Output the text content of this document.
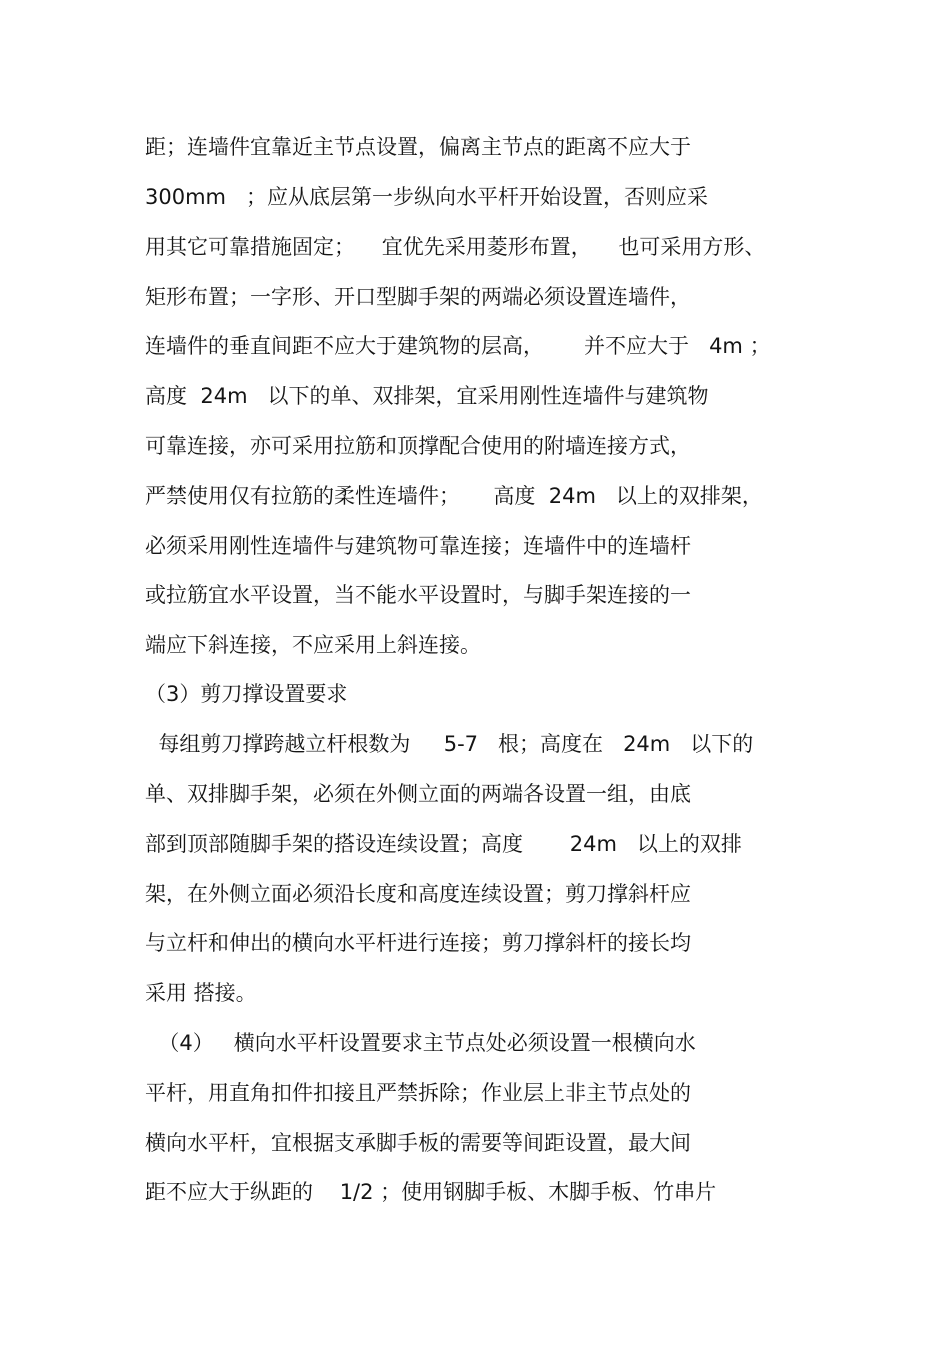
距；连墙件宜靠近主节点设置，偏离主节点的距离不应大于
300mm   ；应从底层第一步纵向水平杆开始设置，否则应采
用其它可靠措施固定；    宜优先采用菱形布置，    也可采用方形、
矩形布置；一字形、开口型脚手架的两端必须设置连墙件，
连墙件的垂直间距不应大于建筑物的层高，      并不应大于   4m ；
高度  24m   以下的单、双排架，宜采用刚性连墙件与建筑物
可靠连接，亦可采用拉筋和顶撑配合使用的附墙连接方式，
严禁使用仅有拉筋的柔性连墙件；     高度  24m   以上的双排架，
必须采用刚性连墙件与建筑物可靠连接；连墙件中的连墙杆
或拉筋宜水平设置，当不能水平设置时，与脚手架连接的一
端应下斜连接，不应采用上斜连接。
（3）剪刀撑设置要求
每组剪刀撑跨越立杆根数为     5-7   根；高度在   24m   以下的
单、双排脚手架，必须在外侧立面的两端各设置一组，由底
部到顶部随脚手架的搭设连续设置；高度       24m   以上的双排
架，在外侧立面必须沿长度和高度连续设置；剪刀撑斜杆应
与立杆和伸出的横向水平杆进行连接；剪刀撑斜杆的接长均
采用 搭接。
（4）   横向水平杆设置要求主节点处必须设置一根横向水
平杆，用直角扣件扣接且严禁拆除；作业层上非主节点处的
横向水平杆，宜根据支承脚手板的需要等间距设置，最大间
距不应大于纵距的    1/2 ；使用钢脚手板、木脚手板、竹串片
